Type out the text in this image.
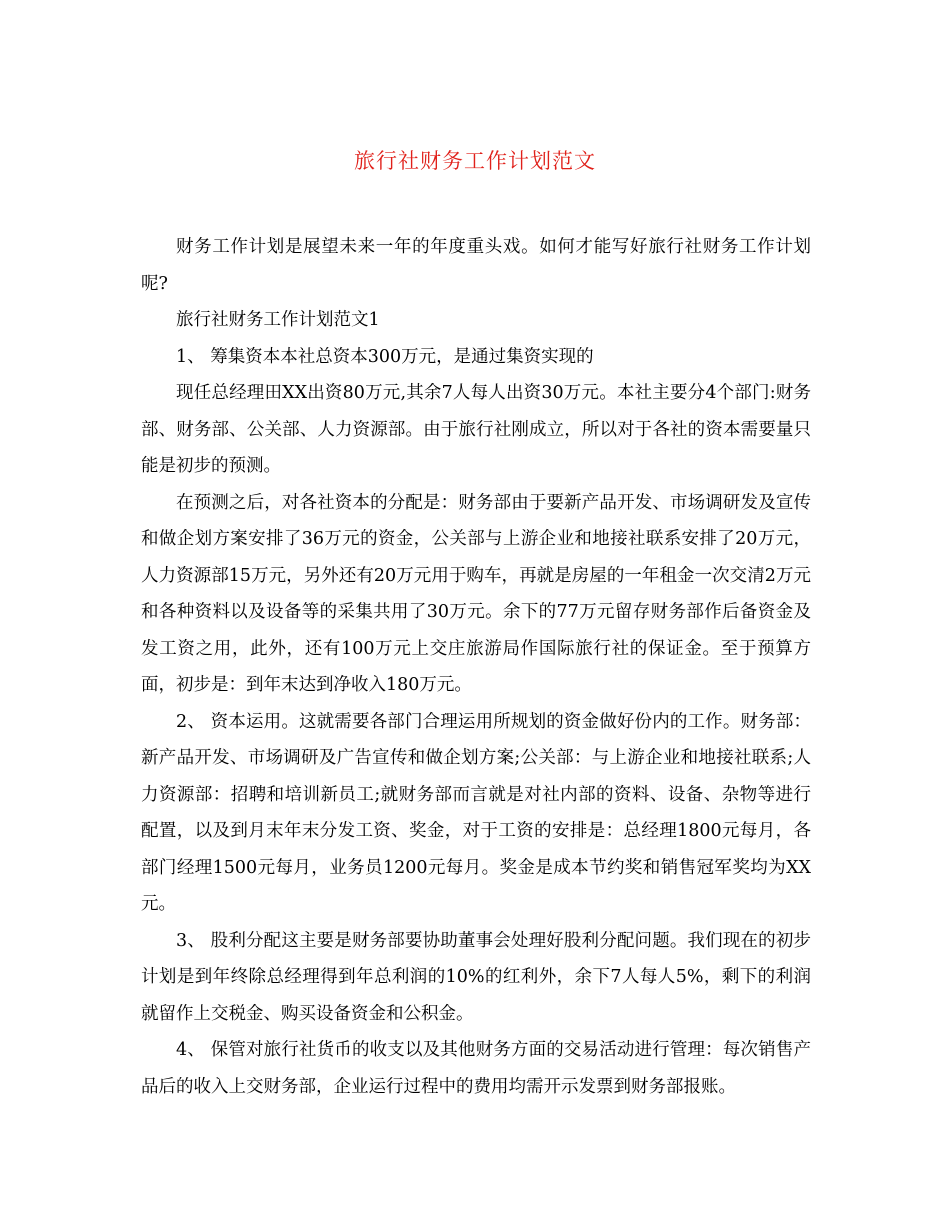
旅行社财务工作计划范文

财务工作计划是展望未来一年的年度重头戏。如何才能写好旅行社财务工作计划呢?

旅行社财务工作计划范文1

1、 筹集资本本社总资本300万元，是通过集资实现的

现任总经理田XX出资80万元,其余7人每人出资30万元。本社主要分4个部门:财务部、财务部、公关部、人力资源部。由于旅行社刚成立，所以对于各社的资本需要量只能是初步的预测。

在预测之后，对各社资本的分配是：财务部由于要新产品开发、市场调研发及宣传和做企划方案安排了36万元的资金，公关部与上游企业和地接社联系安排了20万元，人力资源部15万元，另外还有20万元用于购车，再就是房屋的一年租金一次交清2万元和各种资料以及设备等的采集共用了30万元。余下的77万元留存财务部作后备资金及发工资之用，此外，还有100万元上交庄旅游局作国际旅行社的保证金。至于预算方面，初步是：到年末达到净收入180万元。

2、 资本运用。这就需要各部门合理运用所规划的资金做好份内的工作。财务部：新产品开发、市场调研及广告宣传和做企划方案;公关部：与上游企业和地接社联系;人力资源部：招聘和培训新员工;就财务部而言就是对社内部的资料、设备、杂物等进行配置，以及到月末年末分发工资、奖金，对于工资的安排是：总经理1800元每月，各部门经理1500元每月，业务员1200元每月。奖金是成本节约奖和销售冠军奖均为XX元。

3、 股利分配这主要是财务部要协助董事会处理好股利分配问题。我们现在的初步计划是到年终除总经理得到年总利润的10%的红利外，余下7人每人5%，剩下的利润就留作上交税金、购买设备资金和公积金。

4、 保管对旅行社货币的收支以及其他财务方面的交易活动进行管理：每次销售产品后的收入上交财务部，企业运行过程中的费用均需开示发票到财务部报账。
